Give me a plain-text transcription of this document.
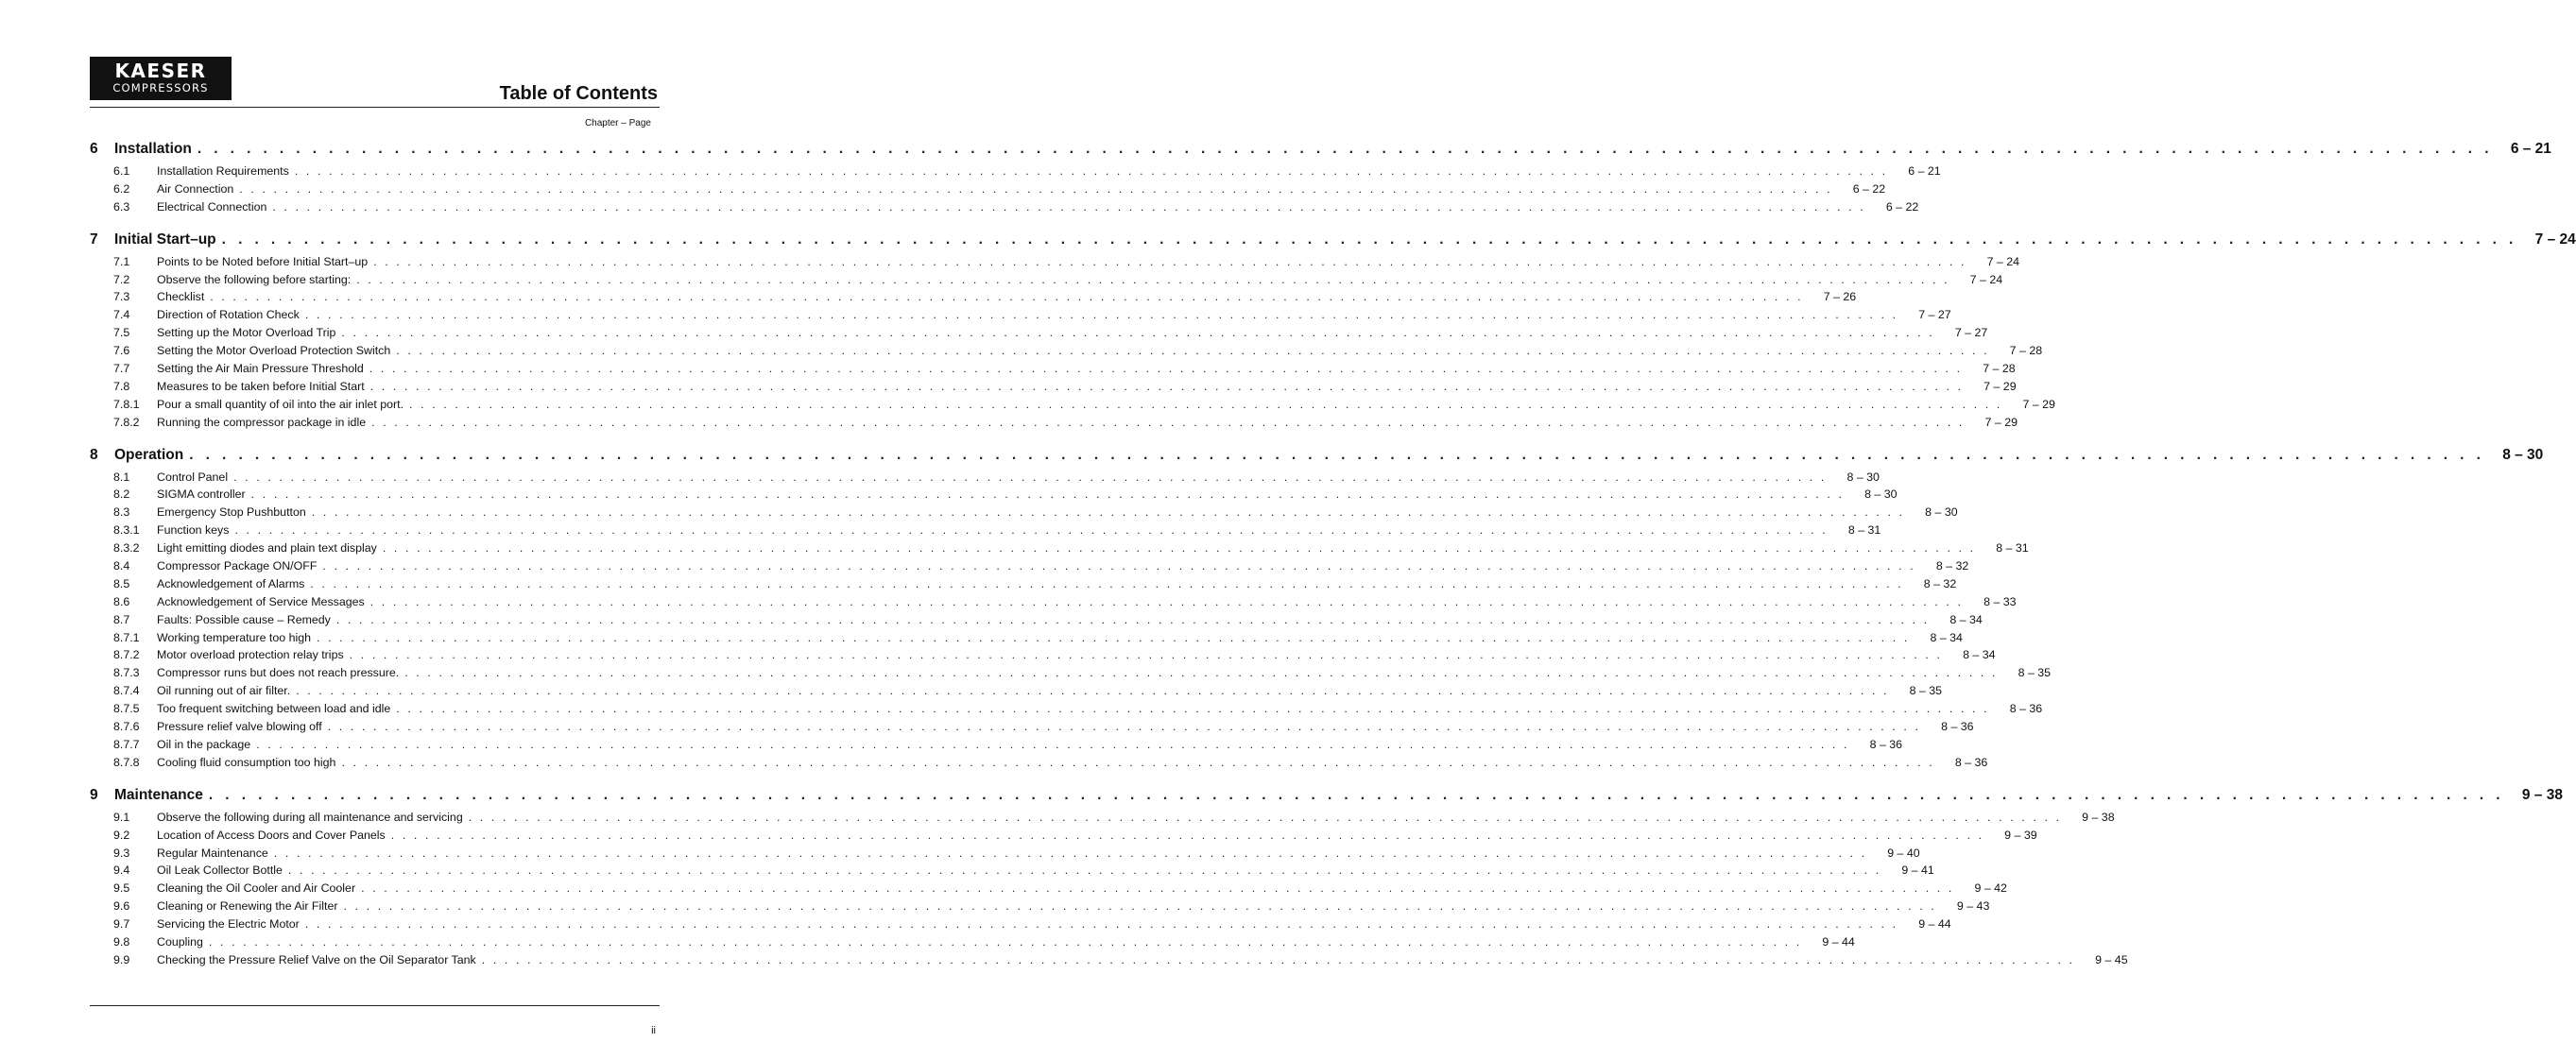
KAESER
COMPRESSORS	Table of Contents
Chapter – Page
6	Installation . . . . . . . . . . . . . . . . . . . . . . . . . . . . . . . . . . . . . . . . . . . . . . . . . . . . . . . . . . . . . . . . . . . . . . . . . . . . . . . . . . . . . . . . . . . . . . . . . . . . . . . . . . . . . . . . . . . . . . . . . . . . . . . . . . . . . . . . . . . .	6 – 21
6.1	Installation Requirements . . . . . . . . . . . . . . . . . . . . . . . . . . . . . . . . . . . . . . . . . . . . . . . . . . . . . . . . . . . . . . . . . . . . . . . . . . . . . . . . . . . . . . . . . . . . . . . . . . . . . . . . . . . . . . . . . . . . . . . . . . . . . . . . . . . . . . . . . . . .	6 – 21
6.2	Air Connection . . . . . . . . . . . . . . . . . . . . . . . . . . . . . . . . . . . . . . . . . . . . . . . . . . . . . . . . . . . . . . . . . . . . . . . . . . . . . . . . . . . . . . . . . . . . . . . . . . . . . . . . . . . . . . . . . . . . . . . . . . . . . . . . . . . . . . . . . . . .	6 – 22
6.3	Electrical Connection . . . . . . . . . . . . . . . . . . . . . . . . . . . . . . . . . . . . . . . . . . . . . . . . . . . . . . . . . . . . . . . . . . . . . . . . . . . . . . . . . . . . . . . . . . . . . . . . . . . . . . . . . . . . . . . . . . . . . . . . . . . . . . . . . . . . . . . . . . . .	6 – 22
7	Initial Start–up . . . . . . . . . . . . . . . . . . . . . . . . . . . . . . . . . . . . . . . . . . . . . . . . . . . . . . . . . . . . . . . . . . . . . . . . . . . . . . . . . . . . . . . . . . . . . . . . . . . . . . . . . . . . . . . . . . . . . . . . . . . . . . . . . . . . . . . . . . . .	7 – 24
7.1	Points to be Noted before Initial Start–up . . . . . . . . . . . . . . . . . . . . . . . . . . . . . . . . . . . . . . . . . . . . . . . . . . . . . . . . . . . . . . . . . . . . . . . . . . . . . . . . . . . . . . . . . . . . . . . . . . . . . . . . . . . . . . . . . . . . . . . . . . . . . . . . . . . . . . . . . . . .	7 – 24
7.2	Observe the following before starting: . . . . . . . . . . . . . . . . . . . . . . . . . . . . . . . . . . . . . . . . . . . . . . . . . . . . . . . . . . . . . . . . . . . . . . . . . . . . . . . . . . . . . . . . . . . . . . . . . . . . . . . . . . . . . . . . . . . . . . . . . . . . . . . . . . . . . . . . . . . .	7 – 24
7.3	Checklist . . . . . . . . . . . . . . . . . . . . . . . . . . . . . . . . . . . . . . . . . . . . . . . . . . . . . . . . . . . . . . . . . . . . . . . . . . . . . . . . . . . . . . . . . . . . . . . . . . . . . . . . . . . . . . . . . . . . . . . . . . . . . . . . . . . . . . . . . . . .	7 – 26
7.4	Direction of Rotation Check . . . . . . . . . . . . . . . . . . . . . . . . . . . . . . . . . . . . . . . . . . . . . . . . . . . . . . . . . . . . . . . . . . . . . . . . . . . . . . . . . . . . . . . . . . . . . . . . . . . . . . . . . . . . . . . . . . . . . . . . . . . . . . . . . . . . . . . . . . . .	7 – 27
7.5	Setting up the Motor Overload Trip . . . . . . . . . . . . . . . . . . . . . . . . . . . . . . . . . . . . . . . . . . . . . . . . . . . . . . . . . . . . . . . . . . . . . . . . . . . . . . . . . . . . . . . . . . . . . . . . . . . . . . . . . . . . . . . . . . . . . . . . . . . . . . . . . . . . . . . . . . . .	7 – 27
7.6	Setting the Motor Overload Protection Switch . . . . . . . . . . . . . . . . . . . . . . . . . . . . . . . . . . . . . . . . . . . . . . . . . . . . . . . . . . . . . . . . . . . . . . . . . . . . . . . . . . . . . . . . . . . . . . . . . . . . . . . . . . . . . . . . . . . . . . . . . . . . . . . . . . . . . . . . . . . .	7 – 28
7.7	Setting the Air Main Pressure Threshold . . . . . . . . . . . . . . . . . . . . . . . . . . . . . . . . . . . . . . . . . . . . . . . . . . . . . . . . . . . . . . . . . . . . . . . . . . . . . . . . . . . . . . . . . . . . . . . . . . . . . . . . . . . . . . . . . . . . . . . . . . . . . . . . . . . . . . . . . . . .	7 – 28
7.8	Measures to be taken before Initial Start . . . . . . . . . . . . . . . . . . . . . . . . . . . . . . . . . . . . . . . . . . . . . . . . . . . . . . . . . . . . . . . . . . . . . . . . . . . . . . . . . . . . . . . . . . . . . . . . . . . . . . . . . . . . . . . . . . . . . . . . . . . . . . . . . . . . . . . . . . . .	7 – 29
7.8.1	Pour a small quantity of oil into the air inlet port. . . . . . . . . . . . . . . . . . . . . . . . . . . . . . . . . . . . . . . . . . . . . . . . . . . . . . . . . . . . . . . . . . . . . . . . . . . . . . . . . . . . . . . . . . . . . . . . . . . . . . . . . . . . . . . . . . . . . . . . . . . . . . . . . . . . . . . . . . . . .	7 – 29
7.8.2	Running the compressor package in idle . . . . . . . . . . . . . . . . . . . . . . . . . . . . . . . . . . . . . . . . . . . . . . . . . . . . . . . . . . . . . . . . . . . . . . . . . . . . . . . . . . . . . . . . . . . . . . . . . . . . . . . . . . . . . . . . . . . . . . . . . . . . . . . . . . . . . . . . . . . .	7 – 29
8	Operation . . . . . . . . . . . . . . . . . . . . . . . . . . . . . . . . . . . . . . . . . . . . . . . . . . . . . . . . . . . . . . . . . . . . . . . . . . . . . . . . . . . . . . . . . . . . . . . . . . . . . . . . . . . . . . . . . . . . . . . . . . . . . . . . . . . . . . . . . . . .	8 – 30
8.1	Control Panel . . . . . . . . . . . . . . . . . . . . . . . . . . . . . . . . . . . . . . . . . . . . . . . . . . . . . . . . . . . . . . . . . . . . . . . . . . . . . . . . . . . . . . . . . . . . . . . . . . . . . . . . . . . . . . . . . . . . . . . . . . . . . . . . . . . . . . . . . . . .	8 – 30
8.2	SIGMA controller . . . . . . . . . . . . . . . . . . . . . . . . . . . . . . . . . . . . . . . . . . . . . . . . . . . . . . . . . . . . . . . . . . . . . . . . . . . . . . . . . . . . . . . . . . . . . . . . . . . . . . . . . . . . . . . . . . . . . . . . . . . . . . . . . . . . . . . . . . . .	8 – 30
8.3	Emergency Stop Pushbutton . . . . . . . . . . . . . . . . . . . . . . . . . . . . . . . . . . . . . . . . . . . . . . . . . . . . . . . . . . . . . . . . . . . . . . . . . . . . . . . . . . . . . . . . . . . . . . . . . . . . . . . . . . . . . . . . . . . . . . . . . . . . . . . . . . . . . . . . . . . .	8 – 30
8.3.1	Function keys . . . . . . . . . . . . . . . . . . . . . . . . . . . . . . . . . . . . . . . . . . . . . . . . . . . . . . . . . . . . . . . . . . . . . . . . . . . . . . . . . . . . . . . . . . . . . . . . . . . . . . . . . . . . . . . . . . . . . . . . . . . . . . . . . . . . . . . . . . . .	8 – 31
8.3.2	Light emitting diodes and plain text display . . . . . . . . . . . . . . . . . . . . . . . . . . . . . . . . . . . . . . . . . . . . . . . . . . . . . . . . . . . . . . . . . . . . . . . . . . . . . . . . . . . . . . . . . . . . . . . . . . . . . . . . . . . . . . . . . . . . . . . . . . . . . . . . . . . . . . . . . . . .	8 – 31
8.4	Compressor Package ON/OFF . . . . . . . . . . . . . . . . . . . . . . . . . . . . . . . . . . . . . . . . . . . . . . . . . . . . . . . . . . . . . . . . . . . . . . . . . . . . . . . . . . . . . . . . . . . . . . . . . . . . . . . . . . . . . . . . . . . . . . . . . . . . . . . . . . . . . . . . . . . .	8 – 32
8.5	Acknowledgement of Alarms . . . . . . . . . . . . . . . . . . . . . . . . . . . . . . . . . . . . . . . . . . . . . . . . . . . . . . . . . . . . . . . . . . . . . . . . . . . . . . . . . . . . . . . . . . . . . . . . . . . . . . . . . . . . . . . . . . . . . . . . . . . . . . . . . . . . . . . . . . . .	8 – 32
8.6	Acknowledgement of Service Messages . . . . . . . . . . . . . . . . . . . . . . . . . . . . . . . . . . . . . . . . . . . . . . . . . . . . . . . . . . . . . . . . . . . . . . . . . . . . . . . . . . . . . . . . . . . . . . . . . . . . . . . . . . . . . . . . . . . . . . . . . . . . . . . . . . . . . . . . . . . .	8 – 33
8.7	Faults: Possible cause – Remedy . . . . . . . . . . . . . . . . . . . . . . . . . . . . . . . . . . . . . . . . . . . . . . . . . . . . . . . . . . . . . . . . . . . . . . . . . . . . . . . . . . . . . . . . . . . . . . . . . . . . . . . . . . . . . . . . . . . . . . . . . . . . . . . . . . . . . . . . . . . .	8 – 34
8.7.1	Working temperature too high . . . . . . . . . . . . . . . . . . . . . . . . . . . . . . . . . . . . . . . . . . . . . . . . . . . . . . . . . . . . . . . . . . . . . . . . . . . . . . . . . . . . . . . . . . . . . . . . . . . . . . . . . . . . . . . . . . . . . . . . . . . . . . . . . . . . . . . . . . . .	8 – 34
8.7.2	Motor overload protection relay trips . . . . . . . . . . . . . . . . . . . . . . . . . . . . . . . . . . . . . . . . . . . . . . . . . . . . . . . . . . . . . . . . . . . . . . . . . . . . . . . . . . . . . . . . . . . . . . . . . . . . . . . . . . . . . . . . . . . . . . . . . . . . . . . . . . . . . . . . . . . .	8 – 34
8.7.3	Compressor runs but does not reach pressure. . . . . . . . . . . . . . . . . . . . . . . . . . . . . . . . . . . . . . . . . . . . . . . . . . . . . . . . . . . . . . . . . . . . . . . . . . . . . . . . . . . . . . . . . . . . . . . . . . . . . . . . . . . . . . . . . . . . . . . . . . . . . . . . . . . . . . . . . . . . .	8 – 35
8.7.4	Oil running out of air filter. . . . . . . . . . . . . . . . . . . . . . . . . . . . . . . . . . . . . . . . . . . . . . . . . . . . . . . . . . . . . . . . . . . . . . . . . . . . . . . . . . . . . . . . . . . . . . . . . . . . . . . . . . . . . . . . . . . . . . . . . . . . . . . . . . . . . . . . . . . . .	8 – 35
8.7.5	Too frequent switching between load and idle . . . . . . . . . . . . . . . . . . . . . . . . . . . . . . . . . . . . . . . . . . . . . . . . . . . . . . . . . . . . . . . . . . . . . . . . . . . . . . . . . . . . . . . . . . . . . . . . . . . . . . . . . . . . . . . . . . . . . . . . . . . . . . . . . . . . . . . . . . . .	8 – 36
8.7.6	Pressure relief valve blowing off . . . . . . . . . . . . . . . . . . . . . . . . . . . . . . . . . . . . . . . . . . . . . . . . . . . . . . . . . . . . . . . . . . . . . . . . . . . . . . . . . . . . . . . . . . . . . . . . . . . . . . . . . . . . . . . . . . . . . . . . . . . . . . . . . . . . . . . . . . . .	8 – 36
8.7.7	Oil in the package . . . . . . . . . . . . . . . . . . . . . . . . . . . . . . . . . . . . . . . . . . . . . . . . . . . . . . . . . . . . . . . . . . . . . . . . . . . . . . . . . . . . . . . . . . . . . . . . . . . . . . . . . . . . . . . . . . . . . . . . . . . . . . . . . . . . . . . . . . . .	8 – 36
8.7.8	Cooling fluid consumption too high . . . . . . . . . . . . . . . . . . . . . . . . . . . . . . . . . . . . . . . . . . . . . . . . . . . . . . . . . . . . . . . . . . . . . . . . . . . . . . . . . . . . . . . . . . . . . . . . . . . . . . . . . . . . . . . . . . . . . . . . . . . . . . . . . . . . . . . . . . . .	8 – 36
9	Maintenance . . . . . . . . . . . . . . . . . . . . . . . . . . . . . . . . . . . . . . . . . . . . . . . . . . . . . . . . . . . . . . . . . . . . . . . . . . . . . . . . . . . . . . . . . . . . . . . . . . . . . . . . . . . . . . . . . . . . . . . . . . . . . . . . . . . . . . . . . . . .	9 – 38
9.1	Observe the following during all maintenance and servicing . . . . . . . . . . . . . . . . . . . . . . . . . . . . . . . . . . . . . . . . . . . . . . . . . . . . . . . . . . . . . . . . . . . . . . . . . . . . . . . . . . . . . . . . . . . . . . . . . . . . . . . . . . . . . . . . . . . . . . . . . . . . . . . . . . . . . . . . . . . .	9 – 38
9.2	Location of Access Doors and Cover Panels . . . . . . . . . . . . . . . . . . . . . . . . . . . . . . . . . . . . . . . . . . . . . . . . . . . . . . . . . . . . . . . . . . . . . . . . . . . . . . . . . . . . . . . . . . . . . . . . . . . . . . . . . . . . . . . . . . . . . . . . . . . . . . . . . . . . . . . . . . . .	9 – 39
9.3	Regular Maintenance . . . . . . . . . . . . . . . . . . . . . . . . . . . . . . . . . . . . . . . . . . . . . . . . . . . . . . . . . . . . . . . . . . . . . . . . . . . . . . . . . . . . . . . . . . . . . . . . . . . . . . . . . . . . . . . . . . . . . . . . . . . . . . . . . . . . . . . . . . . .	9 – 40
9.4	Oil Leak Collector Bottle . . . . . . . . . . . . . . . . . . . . . . . . . . . . . . . . . . . . . . . . . . . . . . . . . . . . . . . . . . . . . . . . . . . . . . . . . . . . . . . . . . . . . . . . . . . . . . . . . . . . . . . . . . . . . . . . . . . . . . . . . . . . . . . . . . . . . . . . . . . .	9 – 41
9.5	Cleaning the Oil Cooler and Air Cooler . . . . . . . . . . . . . . . . . . . . . . . . . . . . . . . . . . . . . . . . . . . . . . . . . . . . . . . . . . . . . . . . . . . . . . . . . . . . . . . . . . . . . . . . . . . . . . . . . . . . . . . . . . . . . . . . . . . . . . . . . . . . . . . . . . . . . . . . . . . .	9 – 42
9.6	Cleaning or Renewing the Air Filter . . . . . . . . . . . . . . . . . . . . . . . . . . . . . . . . . . . . . . . . . . . . . . . . . . . . . . . . . . . . . . . . . . . . . . . . . . . . . . . . . . . . . . . . . . . . . . . . . . . . . . . . . . . . . . . . . . . . . . . . . . . . . . . . . . . . . . . . . . . .	9 – 43
9.7	Servicing the Electric Motor . . . . . . . . . . . . . . . . . . . . . . . . . . . . . . . . . . . . . . . . . . . . . . . . . . . . . . . . . . . . . . . . . . . . . . . . . . . . . . . . . . . . . . . . . . . . . . . . . . . . . . . . . . . . . . . . . . . . . . . . . . . . . . . . . . . . . . . . . . . .	9 – 44
9.8	Coupling . . . . . . . . . . . . . . . . . . . . . . . . . . . . . . . . . . . . . . . . . . . . . . . . . . . . . . . . . . . . . . . . . . . . . . . . . . . . . . . . . . . . . . . . . . . . . . . . . . . . . . . . . . . . . . . . . . . . . . . . . . . . . . . . . . . . . . . . . . . .	9 – 44
9.9	Checking the Pressure Relief Valve on the Oil Separator Tank . . . . . . . . . . . . . . . . . . . . . . . . . . . . . . . . . . . . . . . . . . . . . . . . . . . . . . . . . . . . . . . . . . . . . . . . . . . . . . . . . . . . . . . . . . . . . . . . . . . . . . . . . . . . . . . . . . . . . . . . . . . . . . . . . . . . . . . . . . . .	9 – 45
ii
